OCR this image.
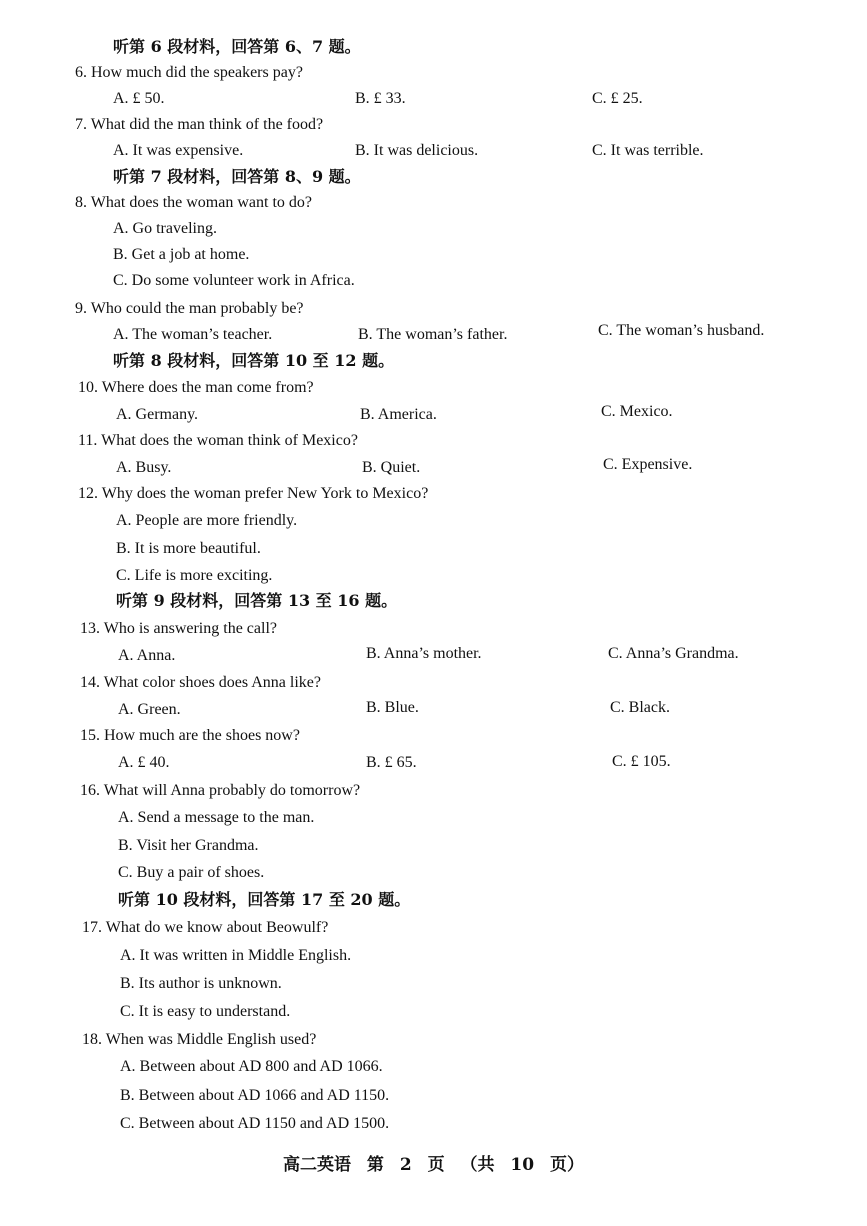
听第 6 段材料，回答第 6、7 题。
6. How much did the speakers pay?
A. £ 50.	B. £ 33.	C. £ 25.
7. What did the man think of the food?
A. It was expensive.	B. It was delicious.	C. It was terrible.
听第 7 段材料，回答第 8、9 题。
8. What does the woman want to do?
A. Go traveling.
B. Get a job at home.
C. Do some volunteer work in Africa.
9. Who could the man probably be?
A. The woman’s teacher.	B. The woman’s father.	C. The woman’s husband.
听第 8 段材料，回答第 10 至 12 题。
10. Where does the man come from?
A. Germany.	B. America.	C. Mexico.
11. What does the woman think of Mexico?
A. Busy.	B. Quiet.	C. Expensive.
12. Why does the woman prefer New York to Mexico?
A. People are more friendly.
B. It is more beautiful.
C. Life is more exciting.
听第 9 段材料，回答第 13 至 16 题。
13. Who is answering the call?
A. Anna.	B. Anna’s mother.	C. Anna’s Grandma.
14. What color shoes does Anna like?
A. Green.	B. Blue.	C. Black.
15. How much are the shoes now?
A. £ 40.	B. £ 65.	C. £ 105.
16. What will Anna probably do tomorrow?
A. Send a message to the man.
B. Visit her Grandma.
C. Buy a pair of shoes.
听第 10 段材料，回答第 17 至 20 题。
17. What do we know about Beowulf?
A. It was written in Middle English.
B. Its author is unknown.
C. It is easy to understand.
18. When was Middle English used?
A. Between about AD 800 and AD 1066.
B. Between about AD 1066 and AD 1150.
C. Between about AD 1150 and AD 1500.
高二英语 第 2 页 （共 10 页）
